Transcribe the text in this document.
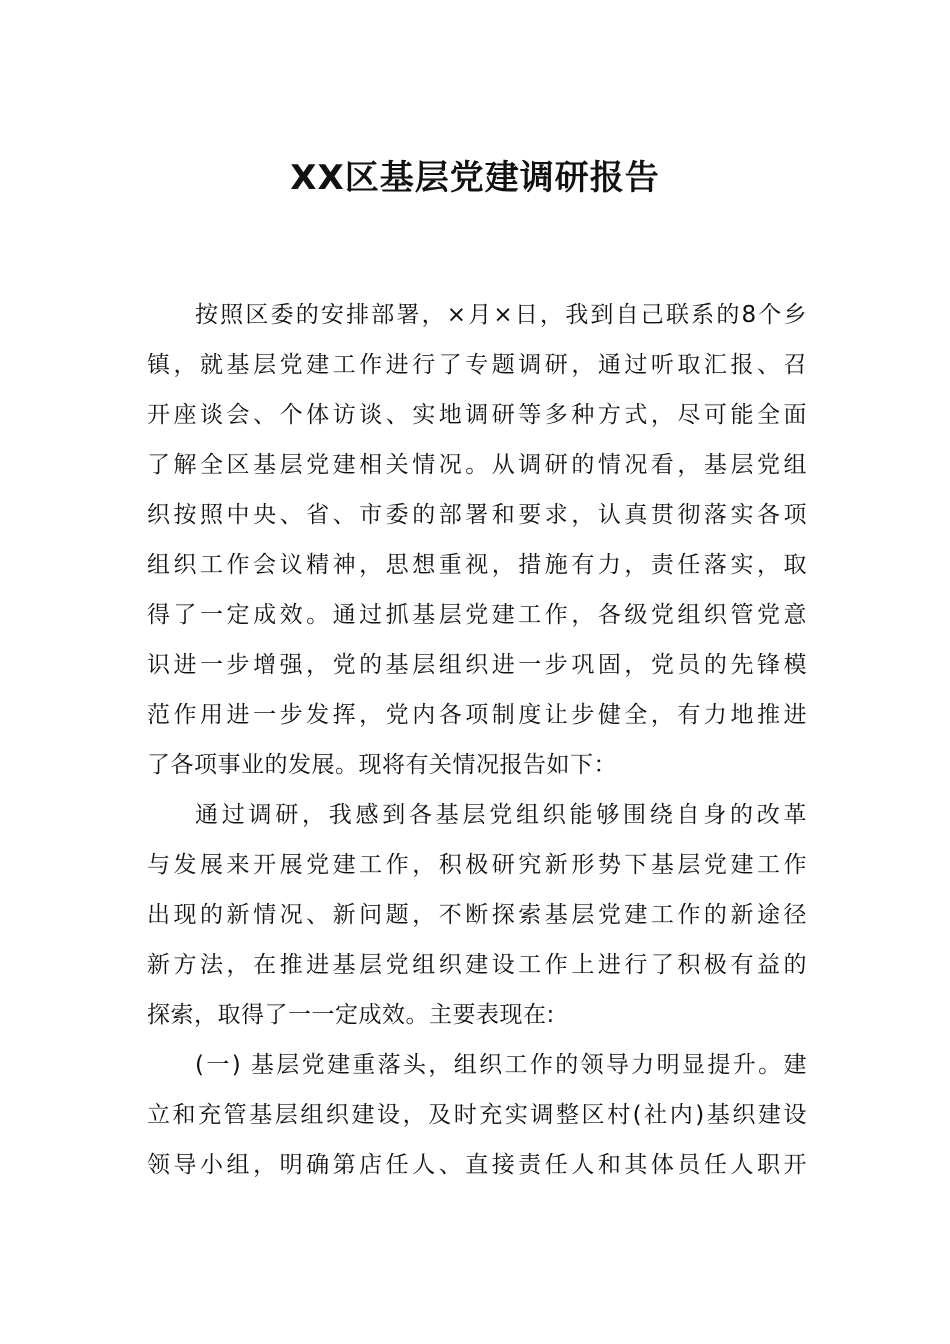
XX区基层党建调研报告
按照区委的安排部署，×月×日，我到自己联系的8个乡
镇，就基层党建工作进行了专题调研，通过听取汇报、召
开座谈会、个体访谈、实地调研等多种方式，尽可能全面
了解全区基层党建相关情况。从调研的情况看，基层党组
织按照中央、省、市委的部署和要求，认真贯彻落实各项
组织工作会议精神，思想重视，措施有力，责任落实，取
得了一定成效。通过抓基层党建工作，各级党组织管党意
识进一步增强，党的基层组织进一步巩固，党员的先锋模
范作用进一步发挥，党内各项制度让步健全，有力地推进
了各项事业的发展。现将有关情况报告如下：
通过调研，我感到各基层党组织能够围绕自身的改革
与发展来开展党建工作，积极研究新形势下基层党建工作
出现的新情况、新问题，不断探索基层党建工作的新途径
新方法，在推进基层党组织建设工作上进行了积极有益的
探索，取得了一一定成效。主要表现在:
(一) 基层党建重落头，组织工作的领导力明显提升。建
立和充管基层组织建设，及时充实调整区村(社内)基织建设
领导小组，明确第店任人、直接责任人和其体员任人职开
